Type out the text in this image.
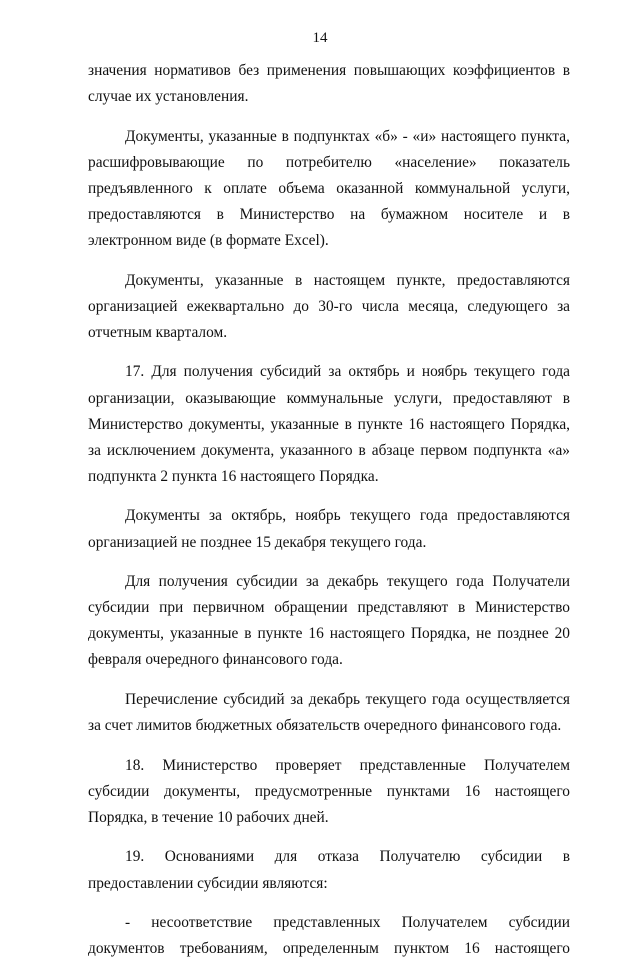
14

значения нормативов без применения повышающих коэффициентов в случае их установления.

Документы, указанные в подпунктах «б» - «и» настоящего пункта, расшифровывающие по потребителю «население» показатель предъявленного к оплате объема оказанной коммунальной услуги, предоставляются в Министерство на бумажном носителе и в электронном виде (в формате Excel).

Документы, указанные в настоящем пункте, предоставляются организацией ежеквартально до 30-го числа месяца, следующего за отчетным кварталом.

17. Для получения субсидий за октябрь и ноябрь текущего года организации, оказывающие коммунальные услуги, предоставляют в Министерство документы, указанные в пункте 16 настоящего Порядка, за исключением документа, указанного в абзаце первом подпункта «а» подпункта 2 пункта 16 настоящего Порядка.

Документы за октябрь, ноябрь текущего года предоставляются организацией не позднее 15 декабря текущего года.

Для получения субсидии за декабрь текущего года Получатели субсидии при первичном обращении представляют в Министерство документы, указанные в пункте 16 настоящего Порядка, не позднее 20 февраля очередного финансового года.

Перечисление субсидий за декабрь текущего года осуществляется за счет лимитов бюджетных обязательств очередного финансового года.

18. Министерство проверяет представленные Получателем субсидии документы, предусмотренные пунктами 16 настоящего Порядка, в течение 10 рабочих дней.

19. Основаниями для отказа Получателю субсидии в предоставлении субсидии являются:

- несоответствие представленных Получателем субсидии документов требованиям, определенным пунктом 16 настоящего
